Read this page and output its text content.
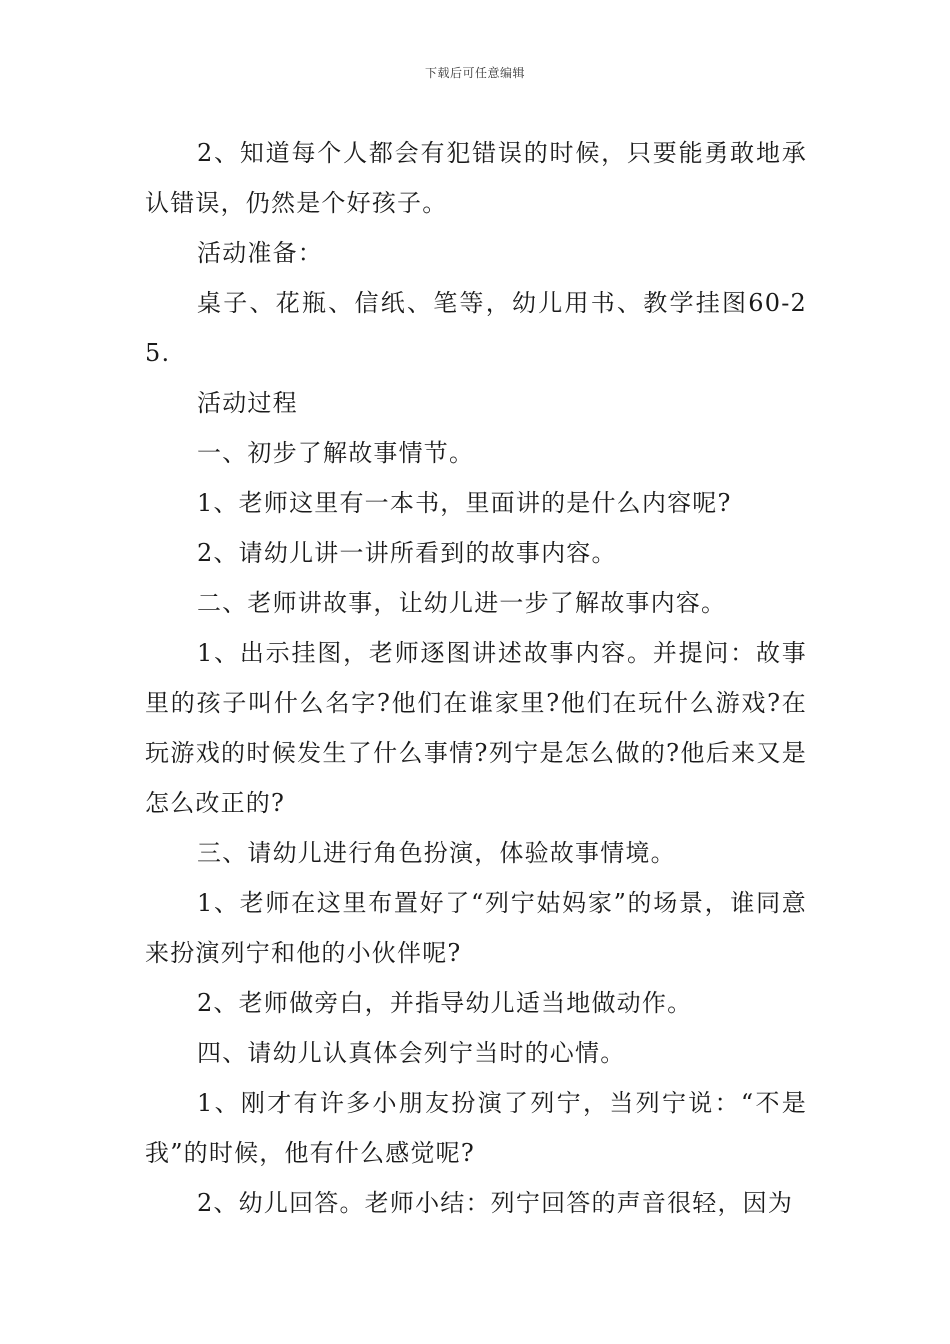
下载后可任意编辑

2、知道每个人都会有犯错误的时候，只要能勇敢地承认错误，仍然是个好孩子。

活动准备：

桌子、花瓶、信纸、笔等，幼儿用书、教学挂图60-25.

活动过程

一、初步了解故事情节。

1、老师这里有一本书，里面讲的是什么内容呢?

2、请幼儿讲一讲所看到的故事内容。

二、老师讲故事，让幼儿进一步了解故事内容。

1、出示挂图，老师逐图讲述故事内容。并提问：故事里的孩子叫什么名字?他们在谁家里?他们在玩什么游戏?在玩游戏的时候发生了什么事情?列宁是怎么做的?他后来又是怎么改正的?

三、请幼儿进行角色扮演，体验故事情境。

1、老师在这里布置好了“列宁姑妈家”的场景，谁同意来扮演列宁和他的小伙伴呢?

2、老师做旁白，并指导幼儿适当地做动作。

四、请幼儿认真体会列宁当时的心情。

1、刚才有许多小朋友扮演了列宁，当列宁说：“不是我”的时候，他有什么感觉呢?

2、幼儿回答。老师小结：列宁回答的声音很轻，因为
